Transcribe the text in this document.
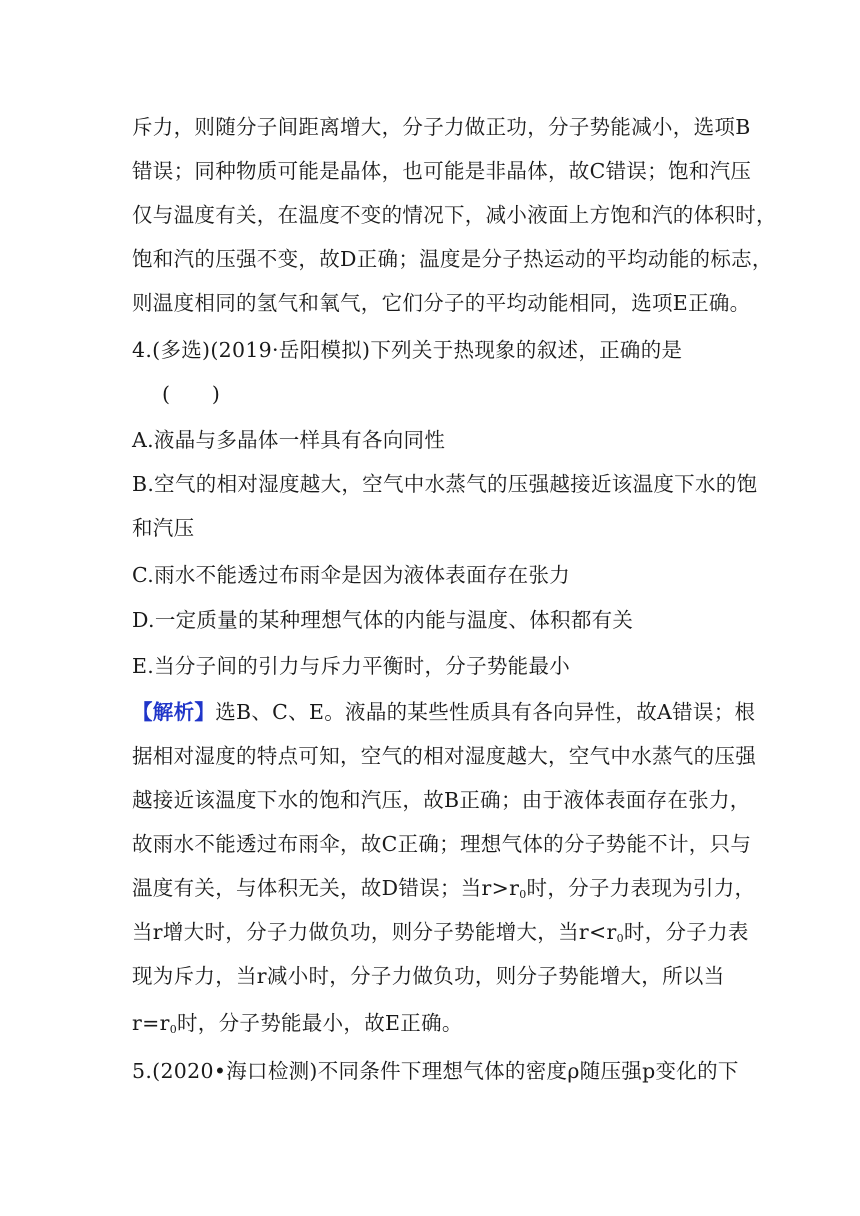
斥力，则随分子间距离增大，分子力做正功，分子势能减小，选项B
错误；同种物质可能是晶体，也可能是非晶体，故C错误；饱和汽压
仅与温度有关，在温度不变的情况下，减小液面上方饱和汽的体积时，
饱和汽的压强不变，故D正确；温度是分子热运动的平均动能的标志，
则温度相同的氢气和氧气，它们分子的平均动能相同，选项E正确。
4.(多选)(2019·岳阳模拟)下列关于热现象的叙述，正确的是
(　　)
A.液晶与多晶体一样具有各向同性
B.空气的相对湿度越大，空气中水蒸气的压强越接近该温度下水的饱
和汽压
C.雨水不能透过布雨伞是因为液体表面存在张力
D.一定质量的某种理想气体的内能与温度、体积都有关
E.当分子间的引力与斥力平衡时，分子势能最小
【解析】选B、C、E。液晶的某些性质具有各向异性，故A错误；根
据相对湿度的特点可知，空气的相对湿度越大，空气中水蒸气的压强
越接近该温度下水的饱和汽压，故B正确；由于液体表面存在张力，
故雨水不能透过布雨伞，故C正确；理想气体的分子势能不计，只与
温度有关，与体积无关，故D错误；当$r>r_0$时，分子力表现为引力，
当r增大时，分子力做负功，则分子势能增大，当$r<r_0$时，分子力表
现为斥力，当r减小时，分子力做负功，则分子势能增大，所以当
$r=r_0$时，分子势能最小，故E正确。
5.(2020•海口检测)不同条件下理想气体的密度ρ随压强p变化的下
